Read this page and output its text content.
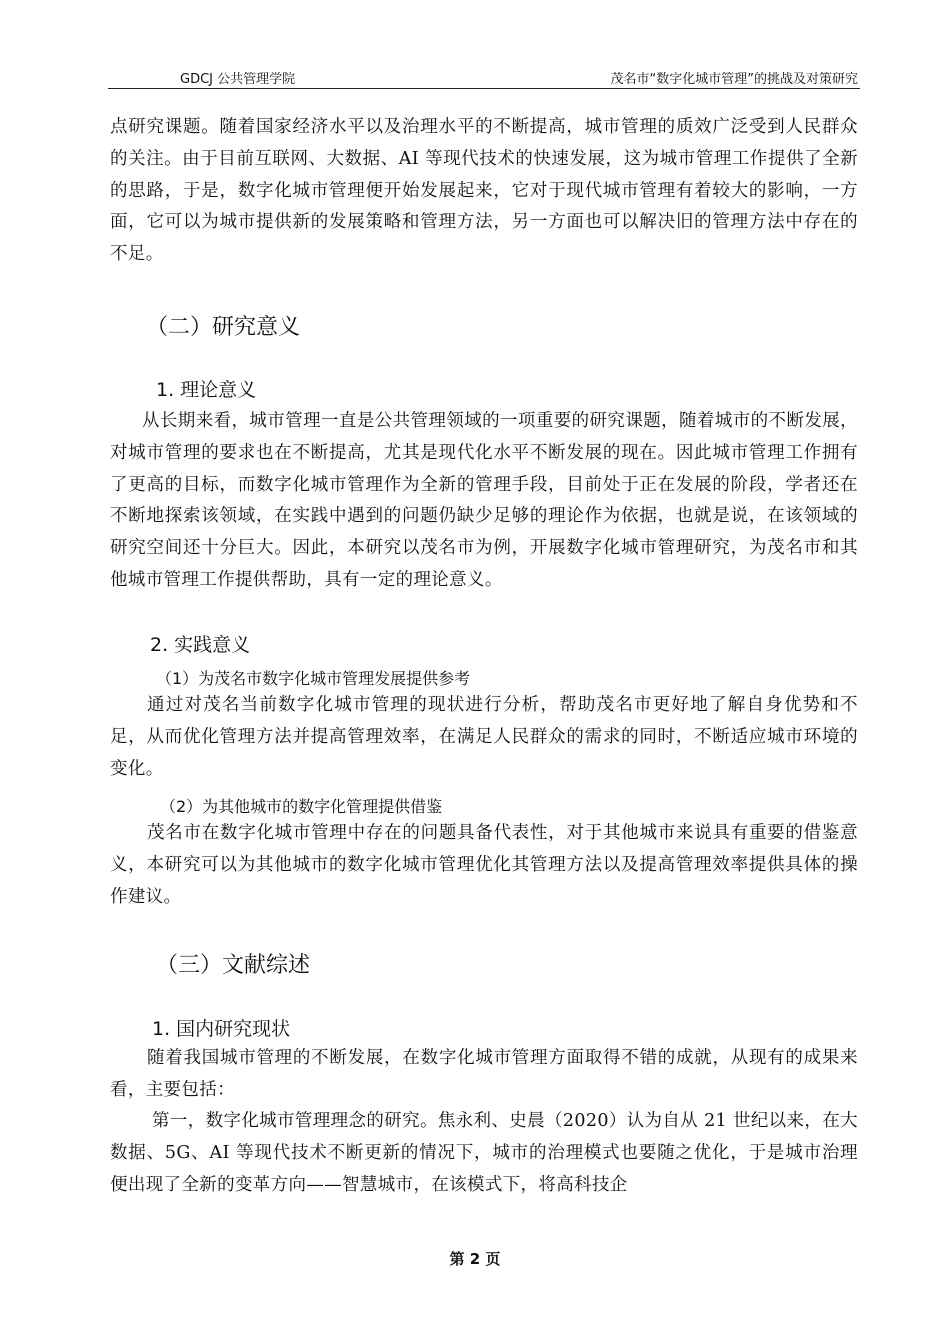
GDCJ 公共管理学院	茂名市“数字化城市管理”的挑战及对策研究

点研究课题。随着国家经济水平以及治理水平的不断提高，城市管理的质效广泛受到人民群众的关注。由于目前互联网、大数据、AI 等现代技术的快速发展，这为城市管理工作提供了全新的思路，于是，数字化城市管理便开始发展起来，它对于现代城市管理有着较大的影响，一方面，它可以为城市提供新的发展策略和管理方法，另一方面也可以解决旧的管理方法中存在的不足。

（二）研究意义
1. 理论意义

从长期来看，城市管理一直是公共管理领域的一项重要的研究课题，随着城市的不断发展，对城市管理的要求也在不断提高，尤其是现代化水平不断发展的现在。因此城市管理工作拥有了更高的目标，而数字化城市管理作为全新的管理手段，目前处于正在发展的阶段，学者还在不断地探索该领域，在实践中遇到的问题仍缺少足够的理论作为依据，也就是说，在该领域的研究空间还十分巨大。因此，本研究以茂名市为例，开展数字化城市管理研究，为茂名市和其他城市管理工作提供帮助，具有一定的理论意义。

2. 实践意义
（1）为茂名市数字化城市管理发展提供参考

通过对茂名当前数字化城市管理的现状进行分析，帮助茂名市更好地了解自身优势和不足，从而优化管理方法并提高管理效率，在满足人民群众的需求的同时，不断适应城市环境的变化。

（2）为其他城市的数字化管理提供借鉴

茂名市在数字化城市管理中存在的问题具备代表性，对于其他城市来说具有重要的借鉴意义，本研究可以为其他城市的数字化城市管理优化其管理方法以及提高管理效率提供具体的操作建议。

（三）文献综述
1. 国内研究现状

随着我国城市管理的不断发展，在数字化城市管理方面取得不错的成就，从现有的成果来看，主要包括：

第一，数字化城市管理理念的研究。焦永利、史晨（2020）认为自从 21 世纪以来，在大数据、5G、AI 等现代技术不断更新的情况下，城市的治理模式也要随之优化，于是城市治理便出现了全新的变革方向——智慧城市，在该模式下，将高科技企

第 2 页
